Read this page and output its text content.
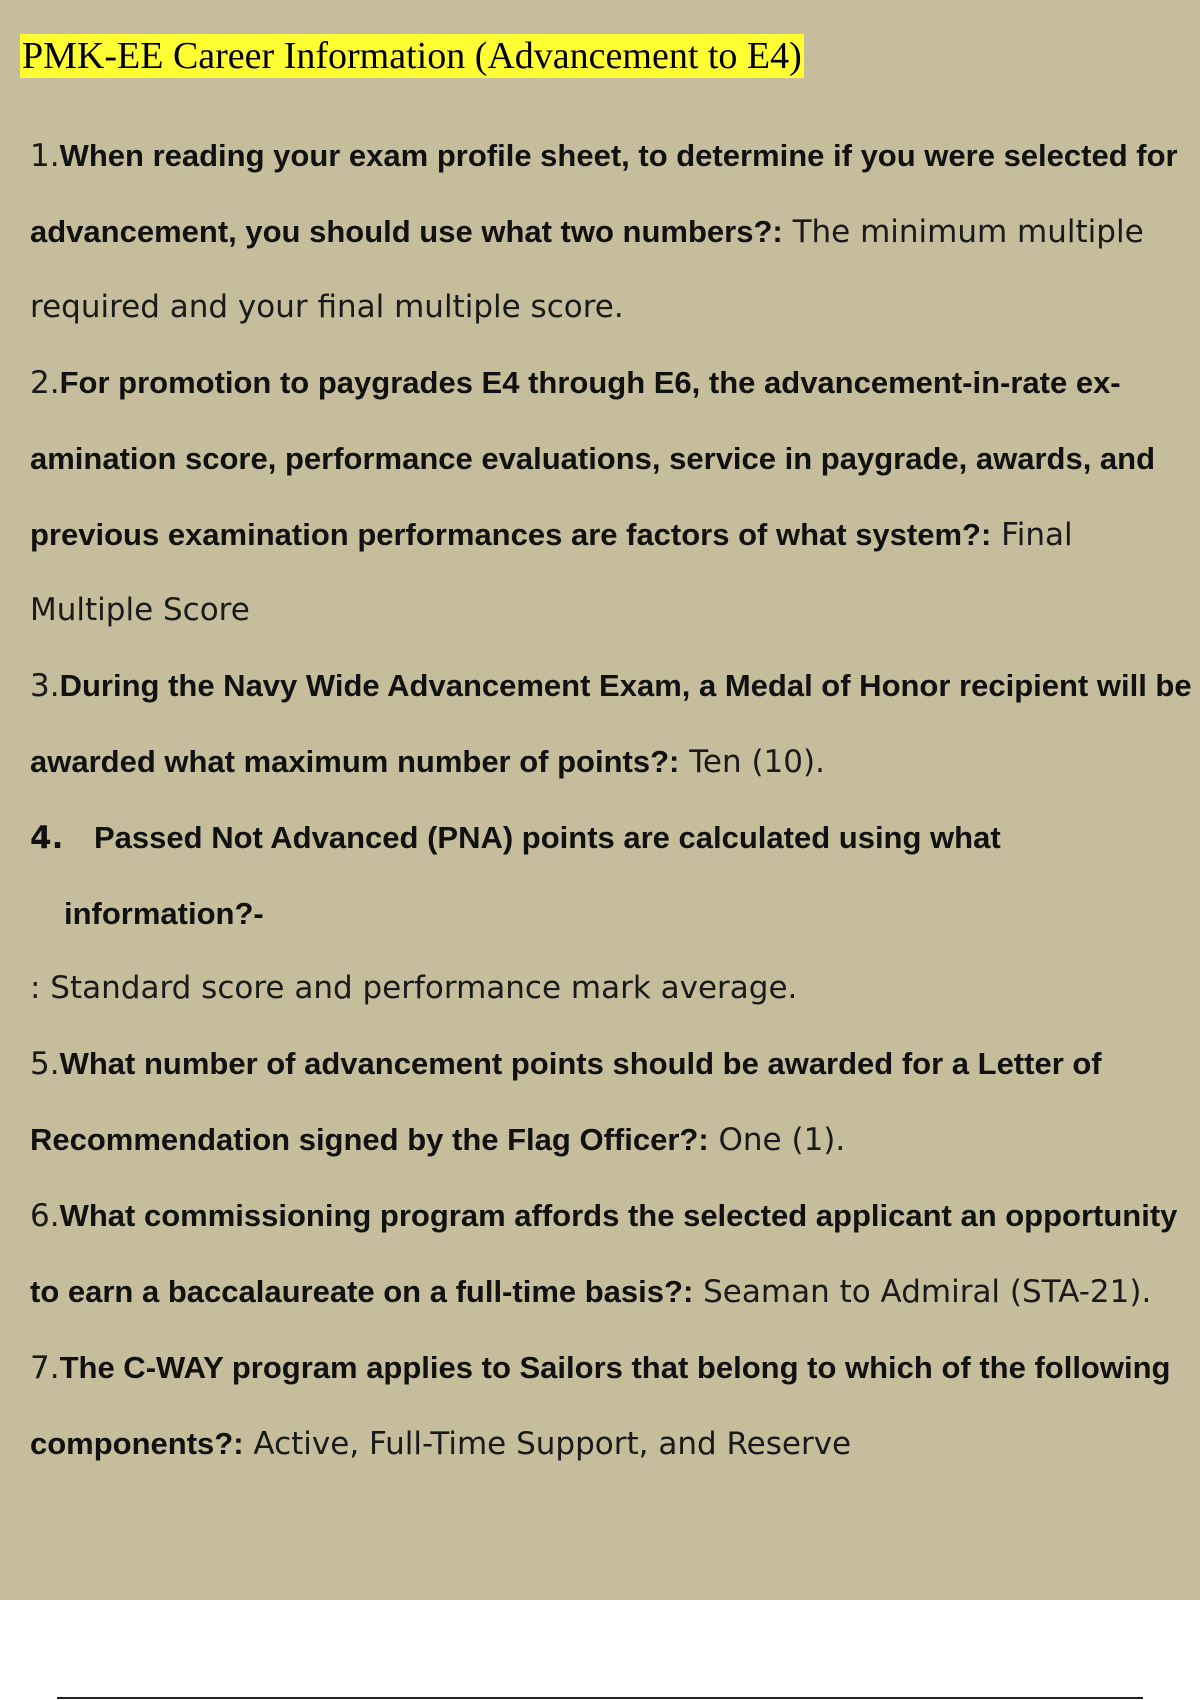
PMK-EE Career Information (Advancement to E4)
1.When reading your exam profile sheet, to determine if you were selected for advancement, you should use what two numbers?: The minimum multiple required and your final multiple score.
2.For promotion to paygrades E4 through E6, the advancement-in-rate ex- amination score, performance evaluations, service in paygrade, awards, and previous examination performances are factors of what system?: Final Multiple Score
3.During the Navy Wide Advancement Exam, a Medal of Honor recipient will be awarded what maximum number of points?: Ten (10).
4. Passed Not Advanced (PNA) points are calculated using what
information?-
: Standard score and performance mark average.
5.What number of advancement points should be awarded for a Letter of Recommendation signed by the Flag Officer?: One (1).
6.What commissioning program affords the selected applicant an opportunity to earn a baccalaureate on a full-time basis?: Seaman to Admiral (STA-21).
7.The C-WAY program applies to Sailors that belong to which of the following components?: Active, Full-Time Support, and Reserve
